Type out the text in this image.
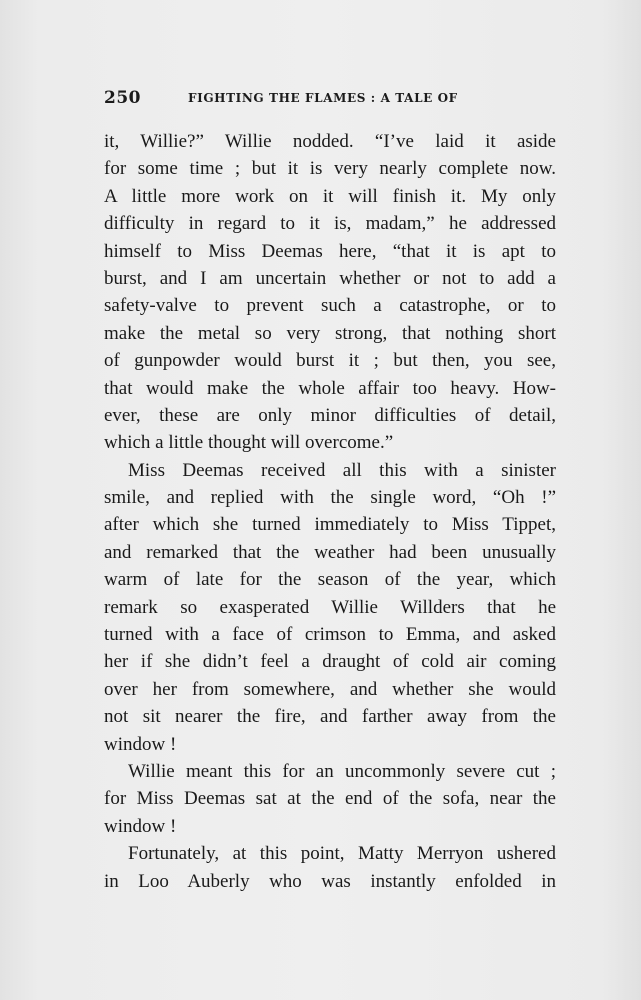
250	FIGHTING THE FLAMES : A TALE OF
it, Willie?” Willie nodded. “I’ve laid it aside
for some time ; but it is very nearly complete now.
A little more work on it will finish it. My only
difficulty in regard to it is, madam,” he addressed
himself to Miss Deemas here, “that it is apt to
burst, and I am uncertain whether or not to add a
safety-valve to prevent such a catastrophe, or to
make the metal so very strong, that nothing short
of gunpowder would burst it ; but then, you see,
that would make the whole affair too heavy. How-
ever, these are only minor difficulties of detail,
which a little thought will overcome.”
Miss Deemas received all this with a sinister
smile, and replied with the single word, “Oh !”
after which she turned immediately to Miss Tippet,
and remarked that the weather had been unusually
warm of late for the season of the year, which
remark so exasperated Willie Willders that he
turned with a face of crimson to Emma, and asked
her if she didn’t feel a draught of cold air coming
over her from somewhere, and whether she would
not sit nearer the fire, and farther away from the
window !
Willie meant this for an uncommonly severe cut ;
for Miss Deemas sat at the end of the sofa, near the
window !
Fortunately, at this point, Matty Merryon ushered
in Loo Auberly who was instantly enfolded in
